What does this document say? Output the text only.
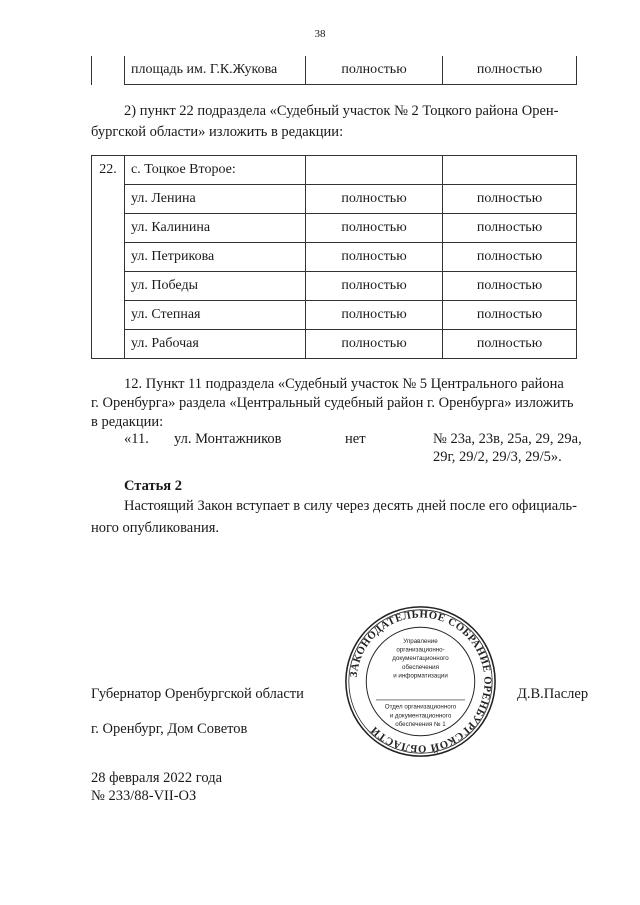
38
	площадь им. Г.К.Жукова	полностью	полностью
2) пункт 22 подраздела «Судебный участок № 2 Тоцкого района Орен-
бургской области» изложить в редакции:
22.	с. Тоцкое Второе:		
	ул. Ленина	полностью	полностью
	ул. Калинина	полностью	полностью
	ул. Петрикова	полностью	полностью
	ул. Победы	полностью	полностью
	ул. Степная	полностью	полностью
	ул. Рабочая	полностью	полностью
12. Пункт 11 подраздела «Судебный участок № 5 Центрального района
г. Оренбурга» раздела «Центральный судебный район г. Оренбурга» изложить
в редакции:
«11. ул. Монтажников	нет	№ 23а, 23в, 25а, 29, 29а,
29г, 29/2, 29/3, 29/5».
Статья 2
Настоящий Закон вступает в силу через десять дней после его официаль-
ного опубликования.
ЗАКОНОДАТЕЛЬНОЕ СОБРАНИЕ ОРЕНБУРГСКОЙ ОБЛАСТИ
Управление
организационно-
документационного
обеспечения
и информатизации
Отдел организационного
и документационного
обеспечения № 1
Губернатор Оренбургской области	Д.В.Паслер
г. Оренбург, Дом Советов
28 февраля 2022 года
№ 233/88-VII-ОЗ
